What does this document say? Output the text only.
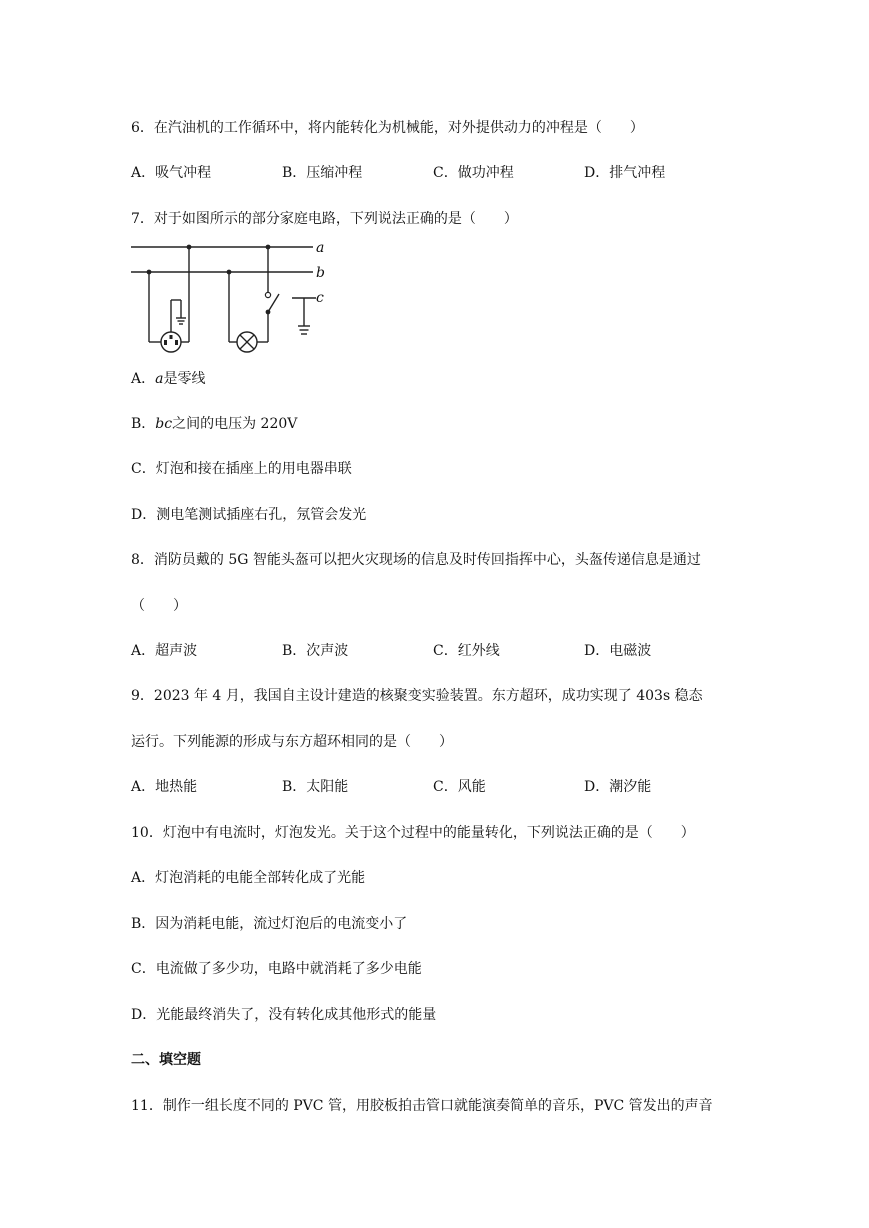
6．在汽油机的工作循环中，将内能转化为机械能，对外提供动力的冲程是（　　）
A．吸气冲程	B．压缩冲程	C．做功冲程	D．排气冲程
7．对于如图所示的部分家庭电路，下列说法正确的是（　　）
a
b
c
A．a是零线
B．bc之间的电压为 220V
C．灯泡和接在插座上的用电器串联
D．测电笔测试插座右孔，氖管会发光
8．消防员戴的 5G 智能头盔可以把火灾现场的信息及时传回指挥中心，头盔传递信息是通过
（　　）
A．超声波	B．次声波	C．红外线	D．电磁波
9．2023 年 4 月，我国自主设计建造的核聚变实验装置。东方超环，成功实现了 403s 稳态
运行。下列能源的形成与东方超环相同的是（　　）
A．地热能	B．太阳能	C．风能	D．潮汐能
10．灯泡中有电流时，灯泡发光。关于这个过程中的能量转化，下列说法正确的是（　　）
A．灯泡消耗的电能全部转化成了光能
B．因为消耗电能，流过灯泡后的电流变小了
C．电流做了多少功，电路中就消耗了多少电能
D．光能最终消失了，没有转化成其他形式的能量
二、填空题
11．制作一组长度不同的 PVC 管，用胶板拍击管口就能演奏简单的音乐，PVC 管发出的声音
